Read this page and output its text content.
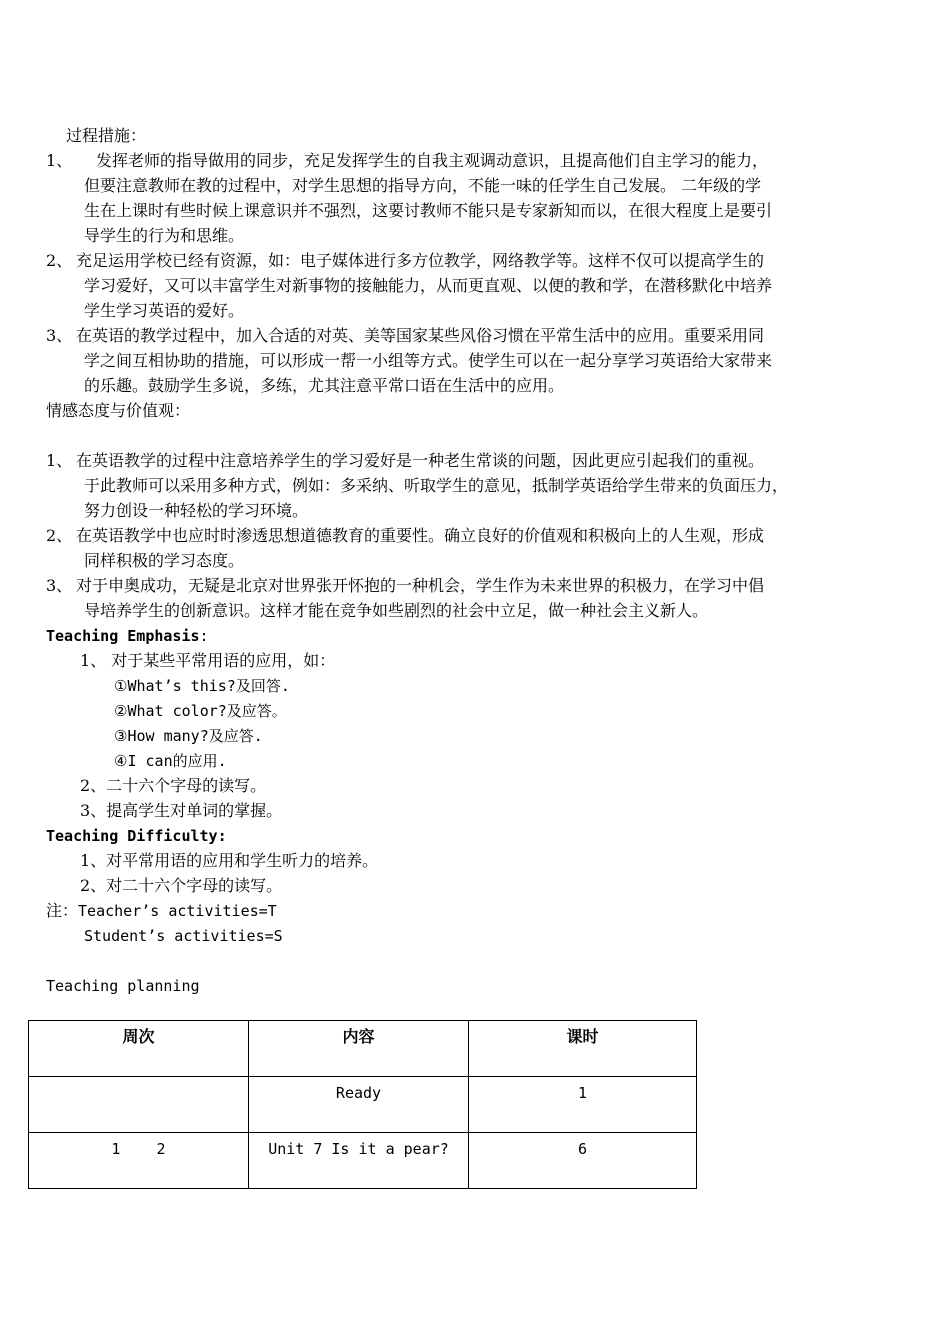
过程措施：
1、 发挥老师的指导做用的同步，充足发挥学生的自我主观调动意识，且提高他们自主学习的能力，
但要注意教师在教的过程中，对学生思想的指导方向，不能一味的任学生自己发展。 二年级的学
生在上课时有些时候上课意识并不强烈，这要讨教师不能只是专家新知而以，在很大程度上是要引
导学生的行为和思维。
2、 充足运用学校已经有资源，如：电子媒体进行多方位教学，网络教学等。这样不仅可以提高学生的
学习爱好，又可以丰富学生对新事物的接触能力，从而更直观、以便的教和学，在潜移默化中培养
学生学习英语的爱好。
3、 在英语的教学过程中，加入合适的对英、美等国家某些风俗习惯在平常生活中的应用。重要采用同
学之间互相协助的措施，可以形成一帮一小组等方式。使学生可以在一起分享学习英语给大家带来
的乐趣。鼓励学生多说，多练，尤其注意平常口语在生活中的应用。
情感态度与价值观：
1、 在英语教学的过程中注意培养学生的学习爱好是一种老生常谈的问题，因此更应引起我们的重视。
于此教师可以采用多种方式，例如：多采纳、听取学生的意见，抵制学英语给学生带来的负面压力，
努力创设一种轻松的学习环境。
2、 在英语教学中也应时时渗透思想道德教育的重要性。确立良好的价值观和积极向上的人生观，形成
同样积极的学习态度。
3、 对于申奥成功，无疑是北京对世界张开怀抱的一种机会，学生作为未来世界的积极力，在学习中倡
导培养学生的创新意识。这样才能在竞争如些剧烈的社会中立足，做一种社会主义新人。
Teaching Emphasis:
1、 对于某些平常用语的应用，如：
①What’s this?及回答.
②What color?及应答。
③How many?及应答.
④I can的应用.
2、二十六个字母的读写。
3、提高学生对单词的掌握。
Teaching Difficulty:
1、对平常用语的应用和学生听力的培养。
2、对二十六个字母的读写。
注：Teacher’s activities=T
Student’s activities=S
Teaching planning
周次	内容	课时
	Ready	1
1    2	Unit 7 Is it a pear?	6
